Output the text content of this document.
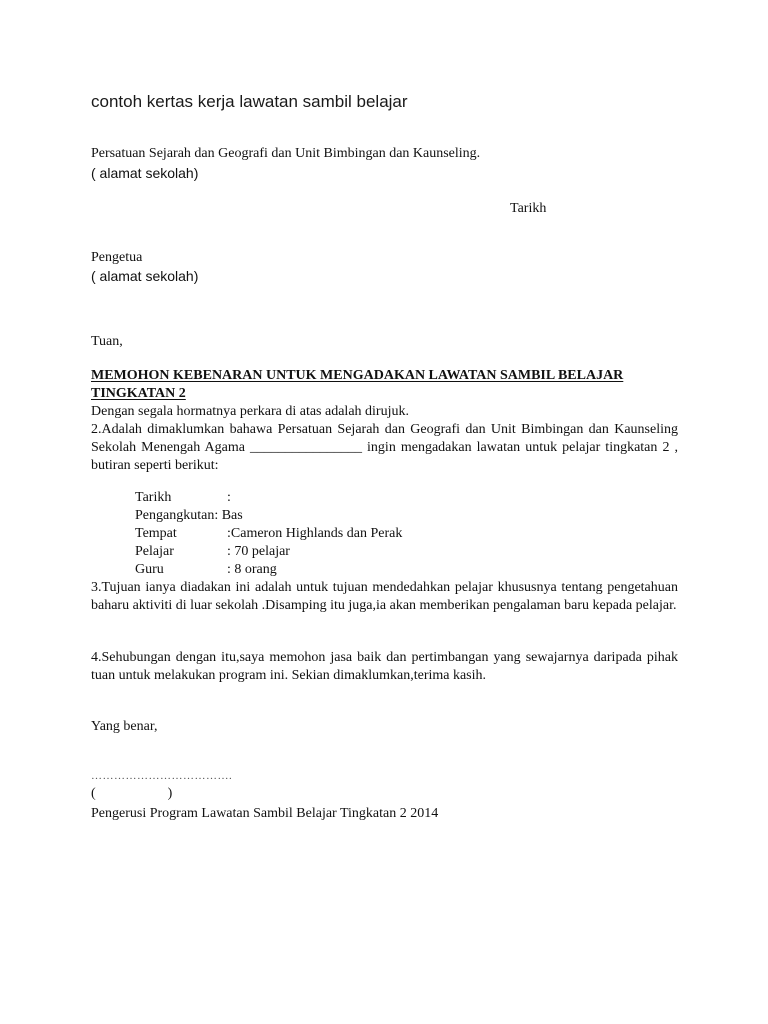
contoh kertas kerja lawatan sambil belajar

Persatuan Sejarah dan Geografi dan Unit Bimbingan dan Kaunseling.

( alamat sekolah)

Tarikh

Pengetua

( alamat sekolah)

Tuan,

MEMOHON KEBENARAN UNTUK MENGADAKAN LAWATAN SAMBIL BELAJAR TINGKATAN 2

Dengan segala hormatnya perkara di atas adalah dirujuk.

2.Adalah dimaklumkan bahawa Persatuan Sejarah dan Geografi dan Unit Bimbingan dan Kaunseling Sekolah Menengah Agama ________________ ingin mengadakan lawatan untuk pelajar tingkatan 2 , butiran seperti berikut:

Tarikh	:
Pengangkutan: Bas
Tempat	:Cameron Highlands dan Perak
Pelajar	: 70 pelajar
Guru	: 8 orang

3.Tujuan ianya diadakan ini adalah untuk tujuan mendedahkan pelajar khususnya tentang pengetahuan baharu aktiviti di luar sekolah .Disamping itu juga,ia akan memberikan pengalaman baru kepada pelajar.

4.Sehubungan dengan itu,saya memohon jasa baik dan pertimbangan yang sewajarnya daripada pihak tuan untuk melakukan program ini. Sekian dimaklumkan,terima kasih.

Yang benar,

……………………………….

(	)

Pengerusi Program Lawatan Sambil Belajar Tingkatan 2 2014
